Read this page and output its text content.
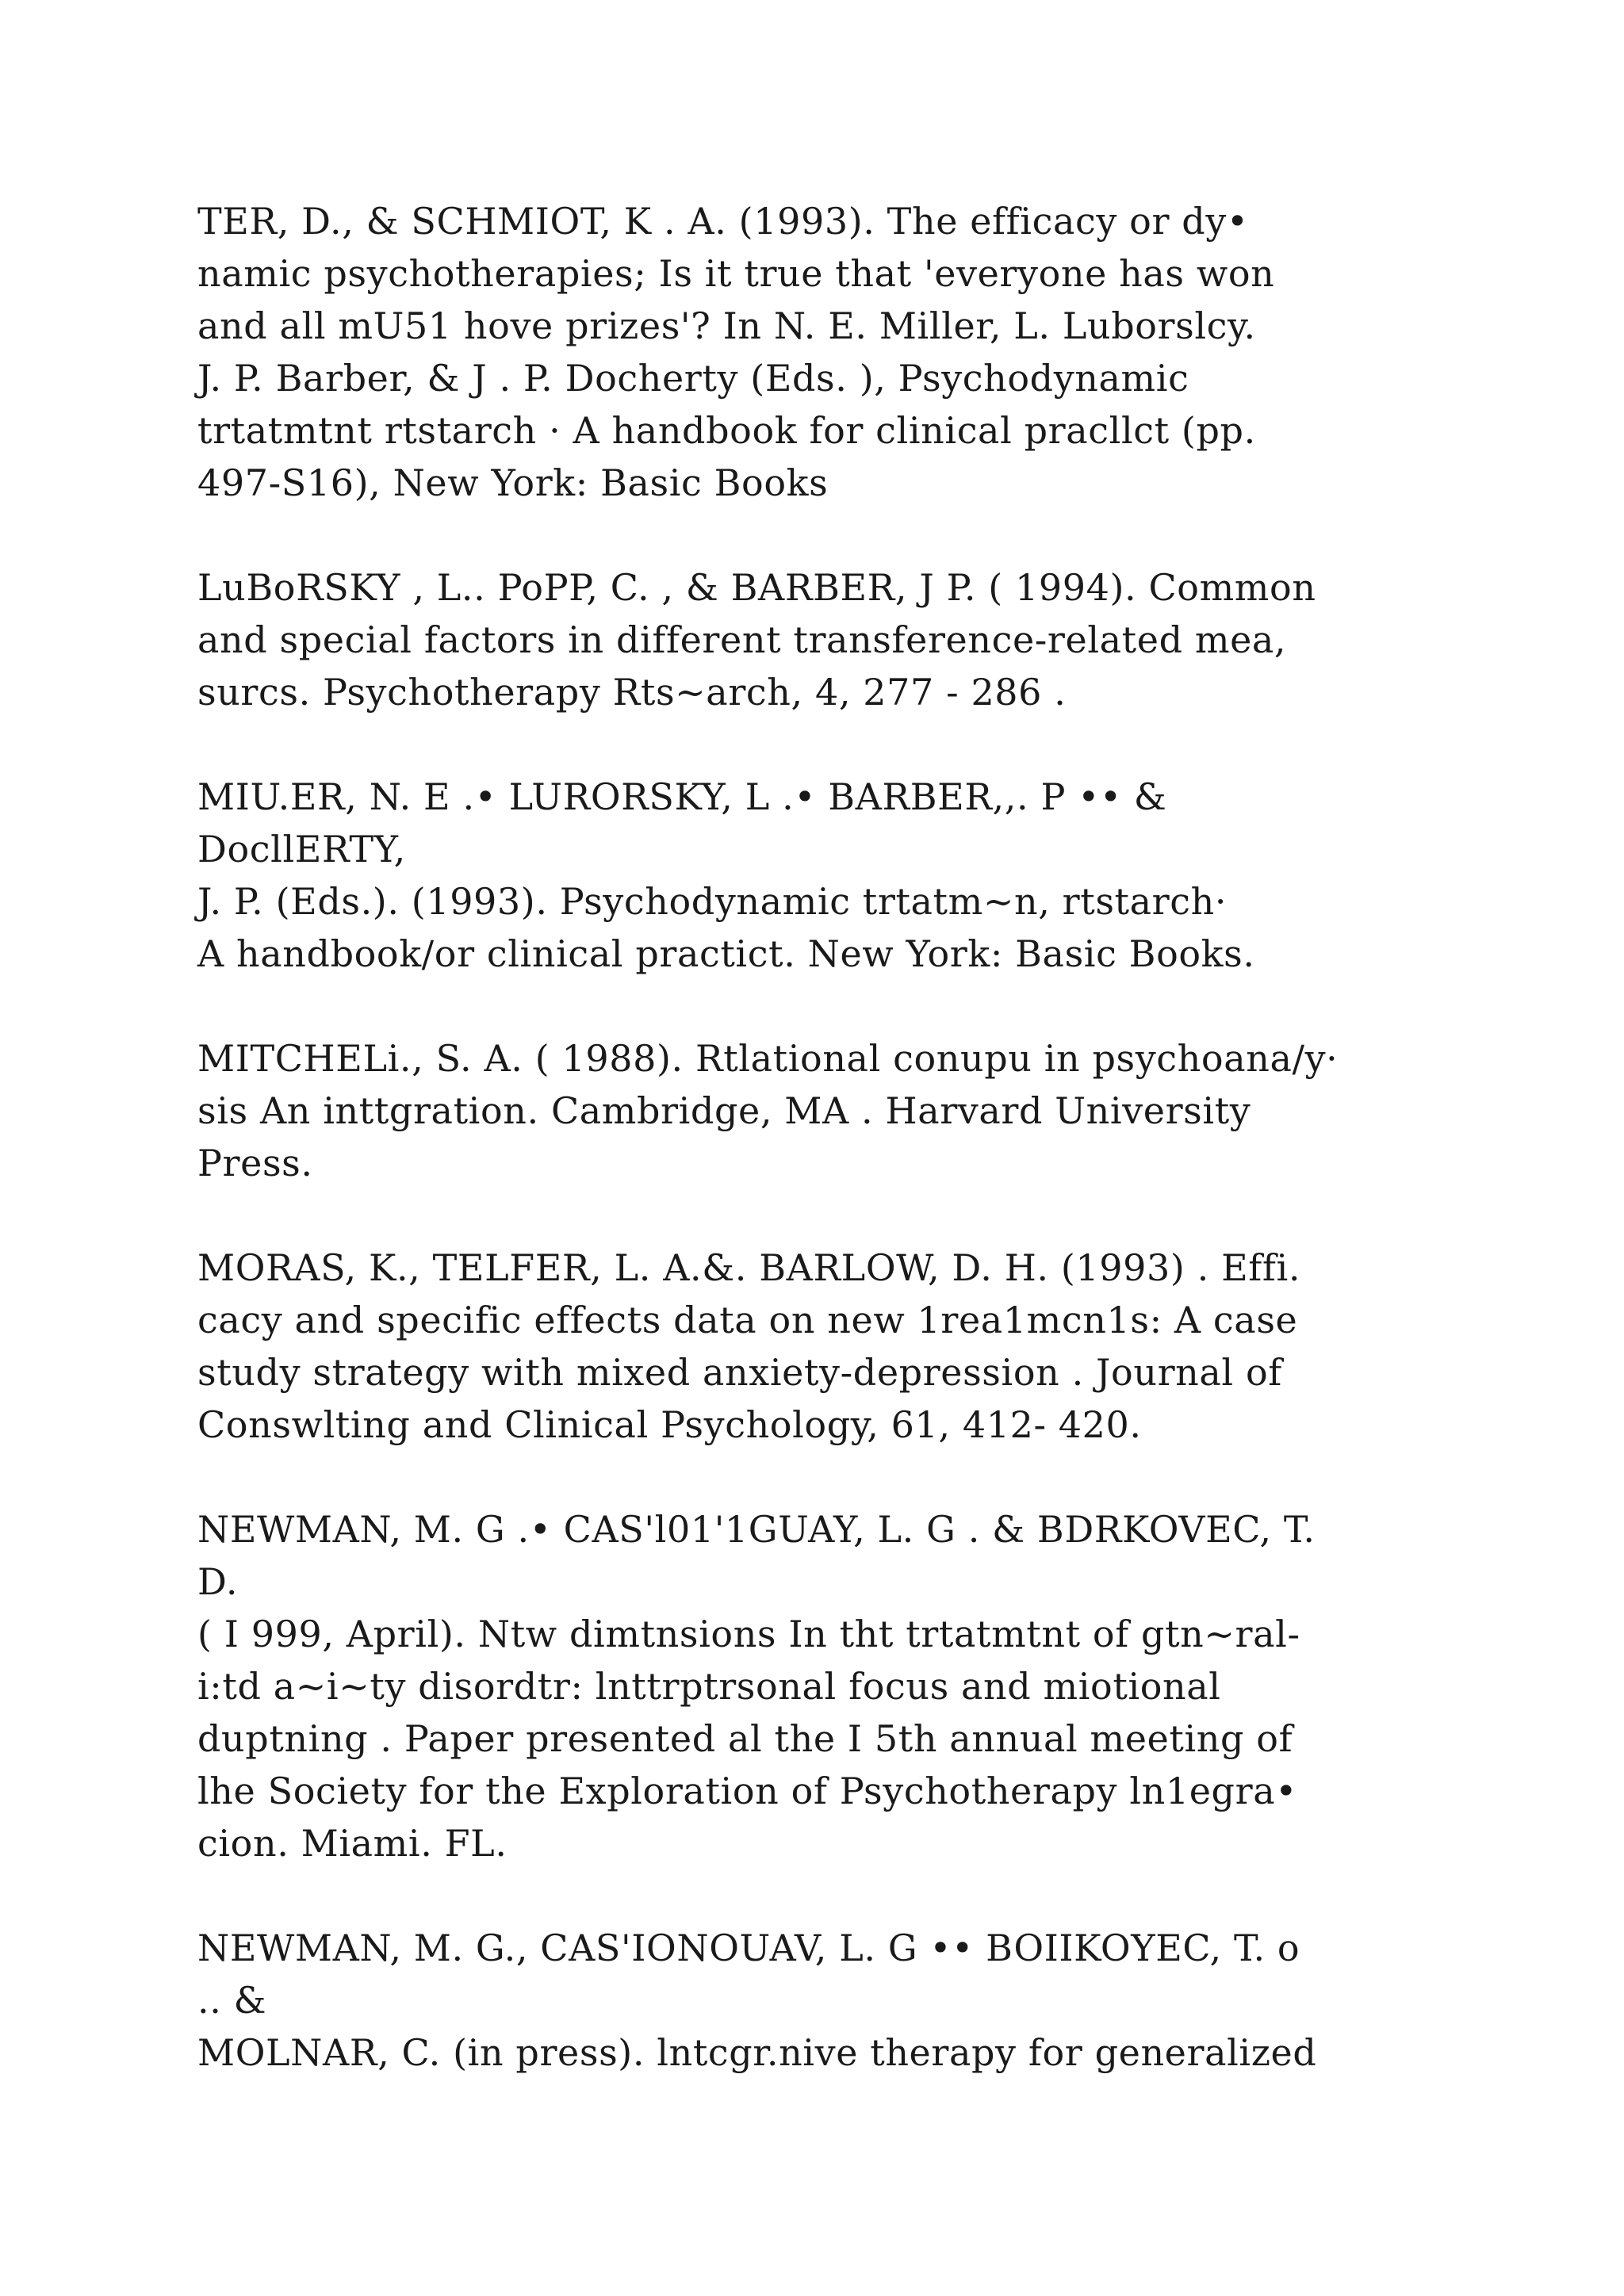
TER, D., & SCHMIOT, K . A. (1993). The efficacy or dy•
namic psychotherapies; Is it true that 'everyone has won
and all mU51 hove prizes'? In N. E. Miller, L. Luborslcy.
J. P. Barber, & J . P. Docherty (Eds. ), Psychodynamic
trtatmtnt rtstarch · A handbook for clinical pracllct (pp.
497-S16), New York: Basic Books
LuBoRSKY , L.. PoPP, C. , & BARBER, J P. ( 1994). Common
and special factors in different transference-related mea,
surcs. Psychotherapy Rts~arch, 4, 277 - 286 .
MIU.ER, N. E .• LURORSKY, L .• BARBER,,. P •• &
DocllERTY,
J. P. (Eds.). (1993). Psychodynamic trtatm~n, rtstarch·
A handbook/or clinical practict. New York: Basic Books.
MITCHELi., S. A. ( 1988). Rtlational conupu in psychoana/y·
sis An inttgration. Cambridge, MA . Harvard University
Press.
MORAS, K., TELFER, L. A.&. BARLOW, D. H. (1993) . Effi.
cacy and specific effects data on new 1rea1mcn1s: A case
study strategy with mixed anxiety-depression . Journal of
Conswlting and Clinical Psychology, 61, 412- 420.
NEWMAN, M. G .• CAS'l01'1GUAY, L. G . & BDRKOVEC, T.
D.
( I 999, April). Ntw dimtnsions In tht trtatmtnt of gtn~ral-
i:td a~i~ty disordtr: lnttrptrsonal focus and miotional
duptning . Paper presented al the I 5th annual meeting of
lhe Society for the Exploration of Psychotherapy ln1egra•
cion. Miami. FL.
NEWMAN, M. G., CAS'IONOUAV, L. G •• BOIIKOYEC, T. o
.. &
MOLNAR, C. (in press). lntcgr.nive therapy for generalized
